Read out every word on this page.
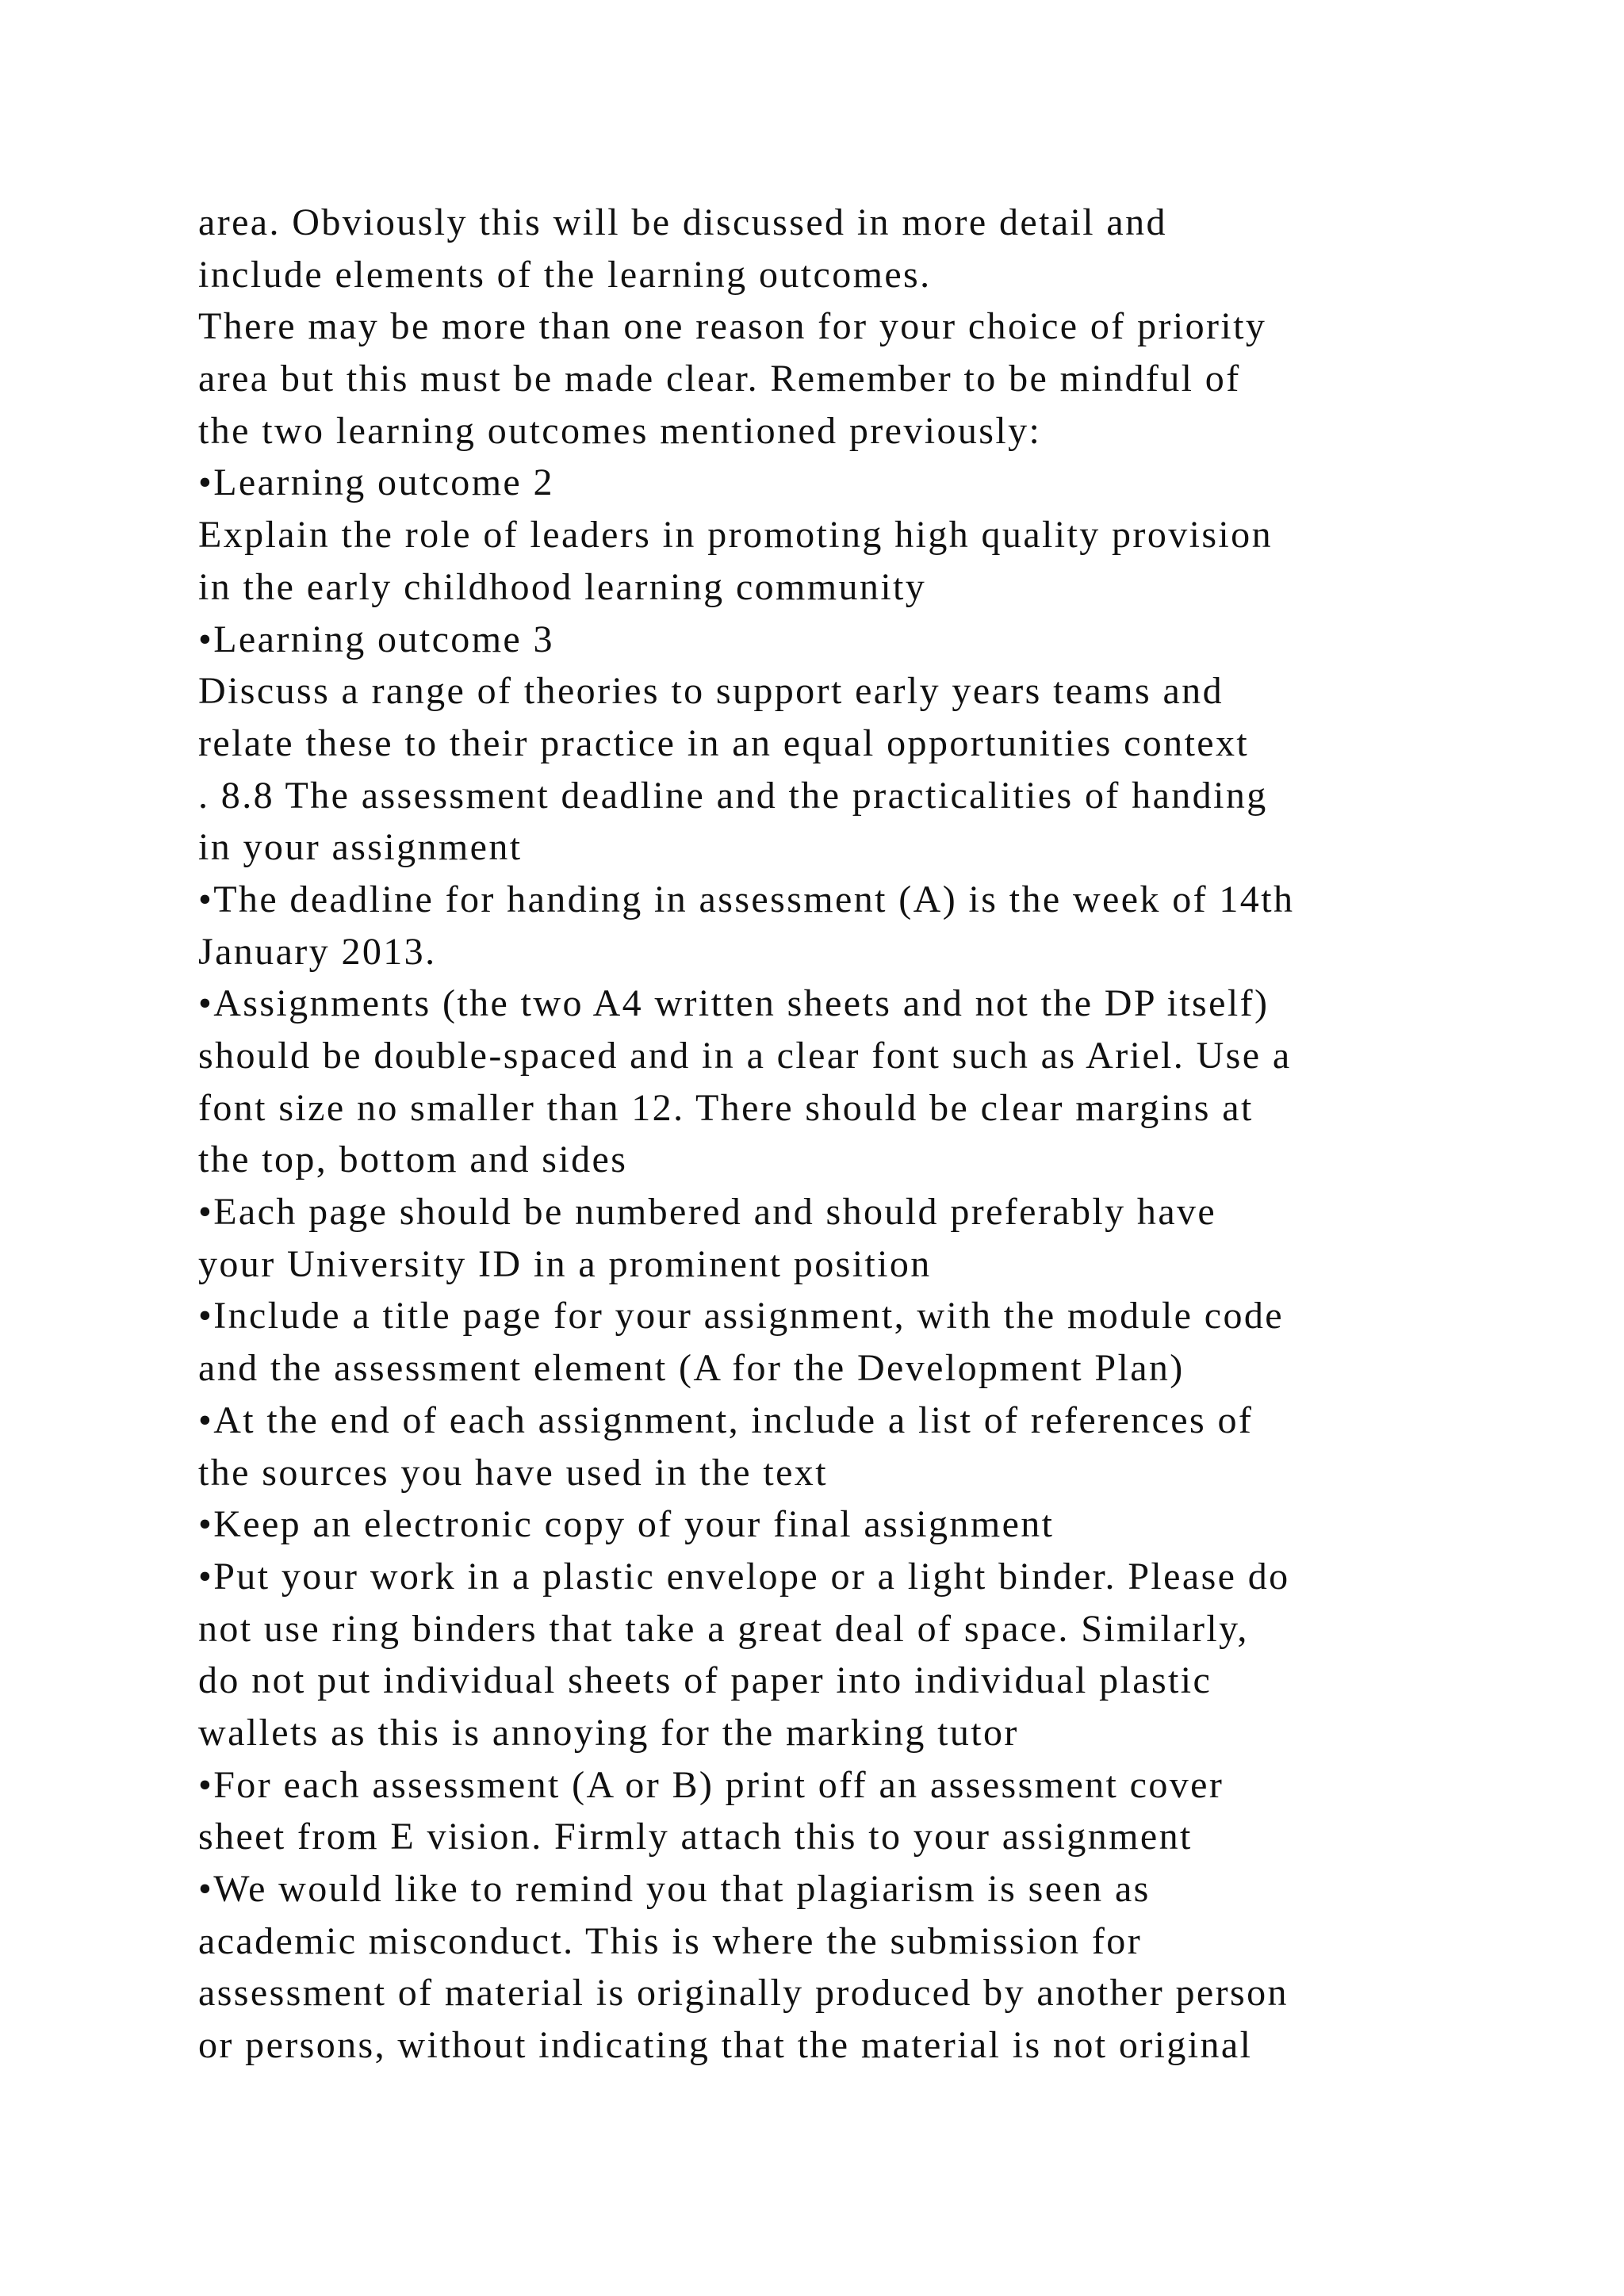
area. Obviously this will be discussed in more detail and
include elements of the learning outcomes.
There may be more than one reason for your choice of priority
area but this must be made clear. Remember to be mindful of
the two learning outcomes mentioned previously:
•Learning outcome 2
Explain the role of leaders in promoting high quality provision
in the early childhood learning community
•Learning outcome 3
Discuss a range of theories to support early years teams and
relate these to their practice in an equal opportunities context
. 8.8 The assessment deadline and the practicalities of handing
in your assignment
•The deadline for handing in assessment (A) is the week of 14th
January 2013.
•Assignments (the two A4 written sheets and not the DP itself)
should be double-spaced and in a clear font such as Ariel. Use a
font size no smaller than 12. There should be clear margins at
the top, bottom and sides
•Each page should be numbered and should preferably have
your University ID in a prominent position
•Include a title page for your assignment, with the module code
and the assessment element (A for the Development Plan)
•At the end of each assignment, include a list of references of
the sources you have used in the text
•Keep an electronic copy of your final assignment
•Put your work in a plastic envelope or a light binder. Please do
not use ring binders that take a great deal of space. Similarly,
do not put individual sheets of paper into individual plastic
wallets as this is annoying for the marking tutor
•For each assessment (A or B) print off an assessment cover
sheet from E vision. Firmly attach this to your assignment
•We would like to remind you that plagiarism is seen as
academic misconduct. This is where the submission for
assessment of material is originally produced by another person
or persons, without indicating that the material is not original
